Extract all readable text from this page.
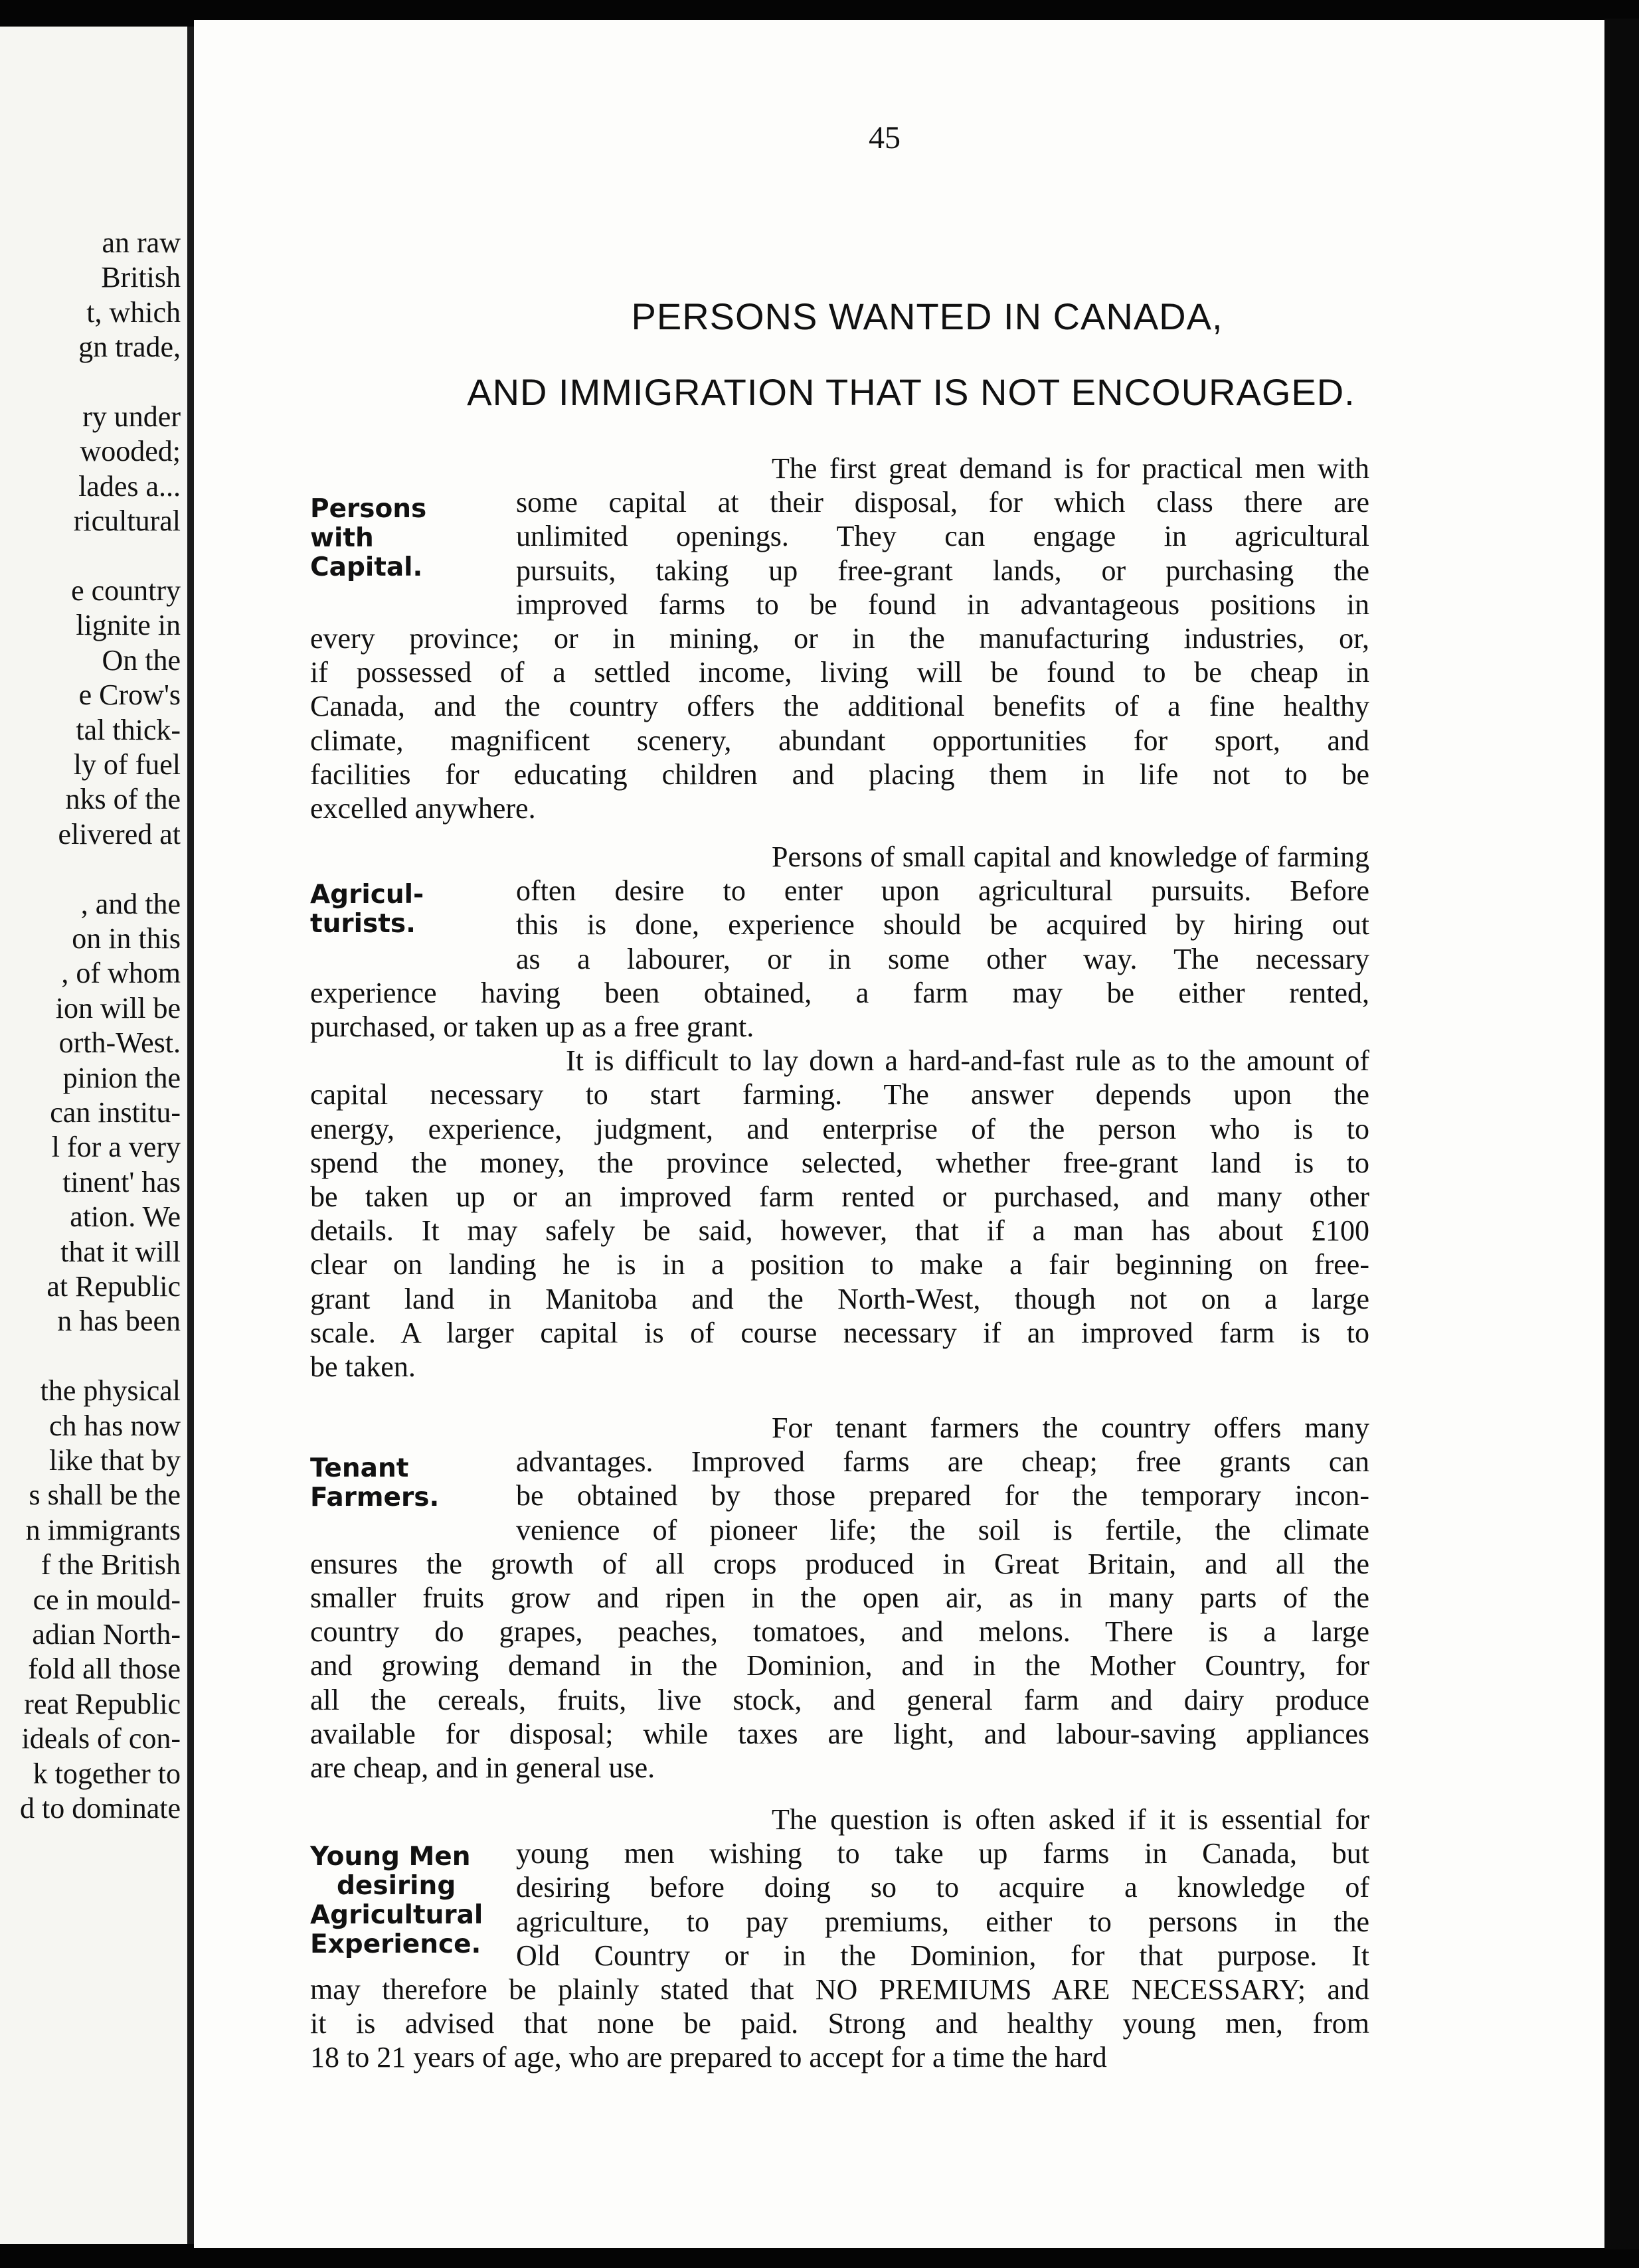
an raw
British
t, which
gn trade,
ry under
wooded;
lades a...
ricultural
e country
lignite in
On the
e Crow's
tal thick-
ly of fuel
nks of the
elivered at
, and the
on in this
, of whom
ion will be
orth-West.
pinion the
can institu-
l for a very
tinent' has
ation. We
that it will
at Republic
n has been
the physical
ch has now
like that by
s shall be the
n immigrants
f the British
ce in mould-
adian North-
fold all those
reat Republic
ideals of con-
k together to
d to dominate
45
PERSONS WANTED IN CANADA,
AND IMMIGRATION THAT IS NOT ENCOURAGED.
Persons
with
Capital.
The first great demand is for practical men with
some capital at their disposal, for which class there are
unlimited openings. They can engage in agricultural
pursuits, taking up free-grant lands, or purchasing the
improved farms to be found in advantageous positions in
every province; or in mining, or in the manufacturing industries, or,
if possessed of a settled income, living will be found to be cheap in
Canada, and the country offers the additional benefits of a fine healthy
climate, magnificent scenery, abundant opportunities for sport, and
facilities for educating children and placing them in life not to be
excelled anywhere.
Agricul-
turists.
Persons of small capital and knowledge of farming
often desire to enter upon agricultural pursuits. Before
this is done, experience should be acquired by hiring out
as a labourer, or in some other way. The necessary
experience having been obtained, a farm may be either rented,
purchased, or taken up as a free grant.
It is difficult to lay down a hard-and-fast rule as to the amount of
capital necessary to start farming. The answer depends upon the
energy, experience, judgment, and enterprise of the person who is to
spend the money, the province selected, whether free-grant land is to
be taken up or an improved farm rented or purchased, and many other
details. It may safely be said, however, that if a man has about £100
clear on landing he is in a position to make a fair beginning on free-
grant land in Manitoba and the North-West, though not on a large
scale. A larger capital is of course necessary if an improved farm is to
be taken.
Tenant
Farmers.
For tenant farmers the country offers many
advantages. Improved farms are cheap; free grants can
be obtained by those prepared for the temporary incon-
venience of pioneer life; the soil is fertile, the climate
ensures the growth of all crops produced in Great Britain, and all the
smaller fruits grow and ripen in the open air, as in many parts of the
country do grapes, peaches, tomatoes, and melons. There is a large
and growing demand in the Dominion, and in the Mother Country, for
all the cereals, fruits, live stock, and general farm and dairy produce
available for disposal; while taxes are light, and labour-saving appliances
are cheap, and in general use.
Young Men
desiring
Agricultural
Experience.
The question is often asked if it is essential for
young men wishing to take up farms in Canada, but
desiring before doing so to acquire a knowledge of
agriculture, to pay premiums, either to persons in the
Old Country or in the Dominion, for that purpose. It
may therefore be plainly stated that NO PREMIUMS ARE NECESSARY; and
it is advised that none be paid. Strong and healthy young men, from
18 to 21 years of age, who are prepared to accept for a time the hard
